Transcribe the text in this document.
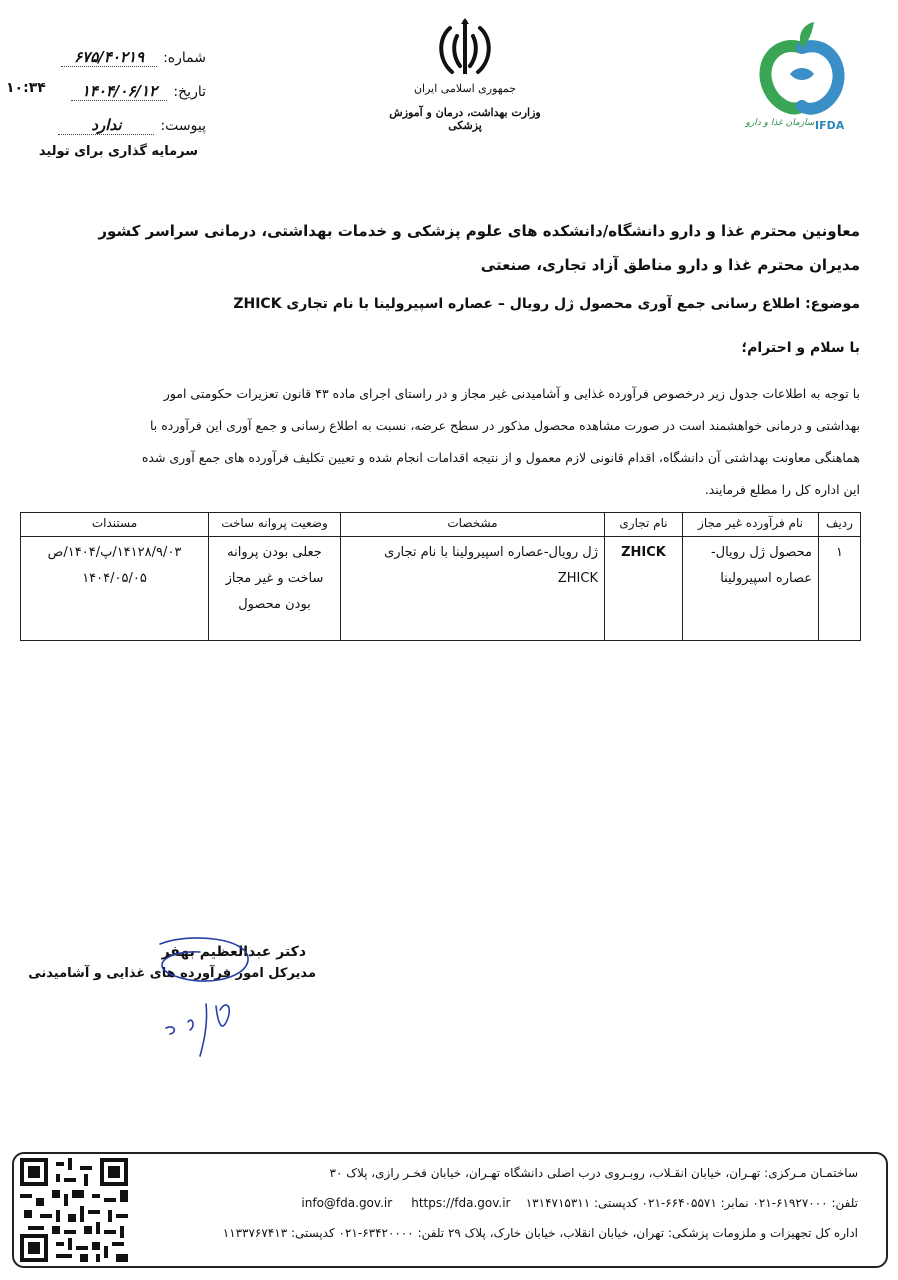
شماره:
۶۷۵/۴۰۲۱۹
تاریخ:
۱۴۰۴/۰۶/۱۲
۱۰:۳۴
پیوست:
ندارد
سرمایه گذاری برای تولید
جمهوری اسلامی ایران
وزارت بهداشت، درمان و آموزش پزشکی	سازمان غذا و دارو IFDA
معاونین محترم غذا و دارو دانشگاه/دانشکده های علوم پزشکی و خدمات بهداشتی، درمانی سراسر کشور
مدیران محترم غذا و دارو مناطق آزاد تجاری، صنعتی
موضوع: اطلاع رسانی جمع آوری محصول ژل رویال – عصاره اسپیرولینا با نام تجاری ZHICK
با سلام و احترام؛
با توجه به اطلاعات جدول زیر درخصوص فرآورده غذایی و آشامیدنی غیر مجاز و در راستای اجرای ماده ۴۳ قانون تعزیرات حکومتی امور
بهداشتی و درمانی خواهشمند است در صورت مشاهده محصول مذکور در سطح عرضه، نسبت به اطلاع رسانی و جمع آوری این فرآورده با
هماهنگی معاونت بهداشتی آن دانشگاه، اقدام قانونی لازم معمول و از نتیجه اقدامات انجام شده و تعیین تکلیف فرآورده های جمع آوری شده
این اداره کل را مطلع فرمایند.
ردیف	نام فرآورده غیر مجاز	نام تجاری	مشخصات	وضعیت پروانه ساخت	مستندات
۱	محصول ژل رویال- عصاره اسپیرولینا	ZHICK	ژل رویال-عصاره اسپیرولینا با نام تجاری ZHICK	جعلی بودن پروانه ساخت و غیر مجاز بودن محصول	۱۴۱۲۸/۹/۰۳/پ/۱۴۰۴/ص ۱۴۰۴/۰۵/۰۵
دکتر عبدالعظیم بهفر
مدیرکل امور فرآورده های غذایی و آشامیدنی
ساختمـان مـرکزی: تهـران، خیابان انقـلاب، روبـروی درب اصلی دانشگاه تهـران، خیابان فخـر رازی، پلاک ۳۰
تلفن: ۶۱۹۲۷۰۰۰-۰۲۱ نمابر: ۶۶۴۰۵۵۷۱-۰۲۱ کدپستی: ۱۳۱۴۷۱۵۳۱۱    info@fda.gov.ir https://fda.gov.ir
اداره کل تجهیزات و ملزومات پزشکی: تهران، خیابان انقلاب، خیابان خارک، پلاک ۲۹ تلفن: ۶۳۴۲۰۰۰۰-۰۲۱ کدپستی: ۱۱۳۳۷۶۷۴۱۳
